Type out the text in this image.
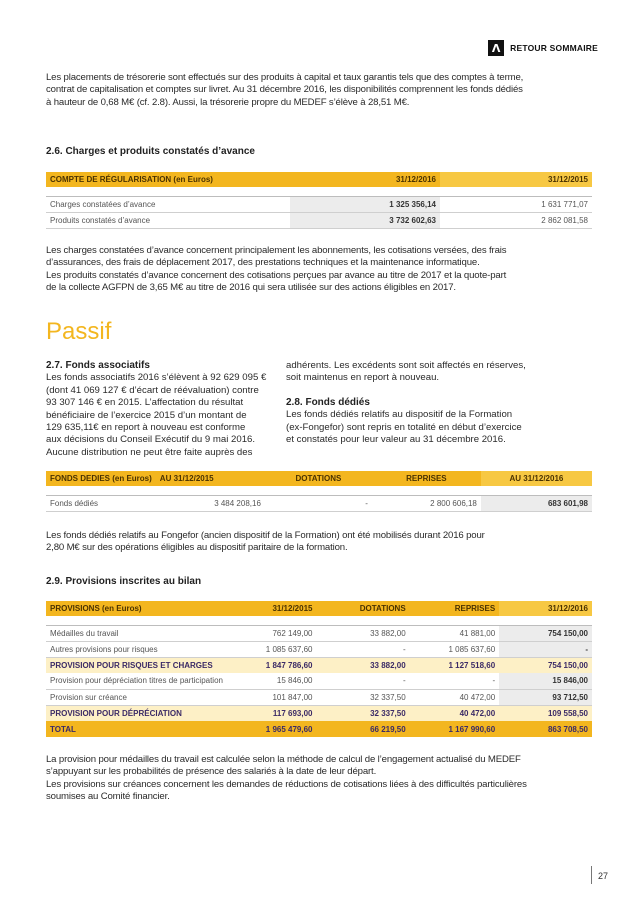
Λ RETOUR SOMMAIRE

Les placements de trésorerie sont effectués sur des produits à capital et taux garantis tels que des comptes à terme,

contrat de capitalisation et comptes sur livret. Au 31 décembre 2016, les disponibilités comprennent les fonds dédiés

à hauteur de 0,68 M€ (cf. 2.8). Aussi, la trésorerie propre du MEDEF s’élève à 28,51 M€.

2.6. Charges et produits constatés d’avance
COMPTE DE RÉGULARISATION (en Euros)	31/12/2016	31/12/2015

Charges constatées d’avance	1 325 356,14	1 631 771,07
Produits constatés d’avance	3 732 602,63	2 862 081,58

Les charges constatées d’avance concernent principalement les abonnements, les cotisations versées, des frais

d’assurances, des frais de déplacement 2017, des prestations techniques et la maintenance informatique.

Les produits constatés d’avance concernent des cotisations perçues par avance au titre de 2017 et la quote-part

de la collecte AGFPN de 3,65 M€ au titre de 2016 qui sera utilisée sur des actions éligibles en 2017.

Passif
2.7. Fonds associatifs
Les fonds associatifs 2016 s’élèvent à 92 629 095 €
(dont 41 069 127 € d’écart de réévaluation) contre
93 307 146 € en 2015. L’affectation du résultat
bénéficiaire de l’exercice 2015 d’un montant de
129 635,11€ en report à nouveau est conforme
aux décisions du Conseil Exécutif du 9 mai 2016.
Aucune distribution ne peut être faite auprès des
adhérents. Les excédents sont soit affectés en réserves,
soit maintenus en report à nouveau.
2.8. Fonds dédiés
Les fonds dédiés relatifs au dispositif de la Formation
(ex-Fongefor) sont repris en totalité en début d’exercice
et constatés pour leur valeur au 31 décembre 2016.
FONDS DEDIES (en Euros)	AU 31/12/2015	DOTATIONS	REPRISES	AU 31/12/2016

Fonds dédiés	3 484 208,16	-	2 800 606,18	683 601,98

Les fonds dédiés relatifs au Fongefor (ancien dispositif de la Formation) ont été mobilisés durant 2016 pour

2,80 M€ sur des opérations éligibles au dispositif paritaire de la formation.

2.9. Provisions inscrites au bilan
PROVISIONS (en Euros)	31/12/2015	DOTATIONS	REPRISES	31/12/2016

Médailles du travail	762 149,00	33 882,00	41 881,00	754 150,00
Autres provisions pour risques	1 085 637,60	-	1 085 637,60	-
PROVISION POUR RISQUES ET CHARGES	1 847 786,60	33 882,00	1 127 518,60	754 150,00
Provision pour dépréciation titres de participation	15 846,00	-	-	15 846,00
Provision sur créance	101 847,00	32 337,50	40 472,00	93 712,50
PROVISION POUR DÉPRÉCIATION	117 693,00	32 337,50	40 472,00	109 558,50
TOTAL	1 965 479,60	66 219,50	1 167 990,60	863 708,50

La provision pour médailles du travail est calculée selon la méthode de calcul de l’engagement actualisé du MEDEF

s’appuyant sur les probabilités de présence des salariés à la date de leur départ.

Les provisions sur créances concernent les demandes de réductions de cotisations liées à des difficultés particulières

soumises au Comité financier.

27
